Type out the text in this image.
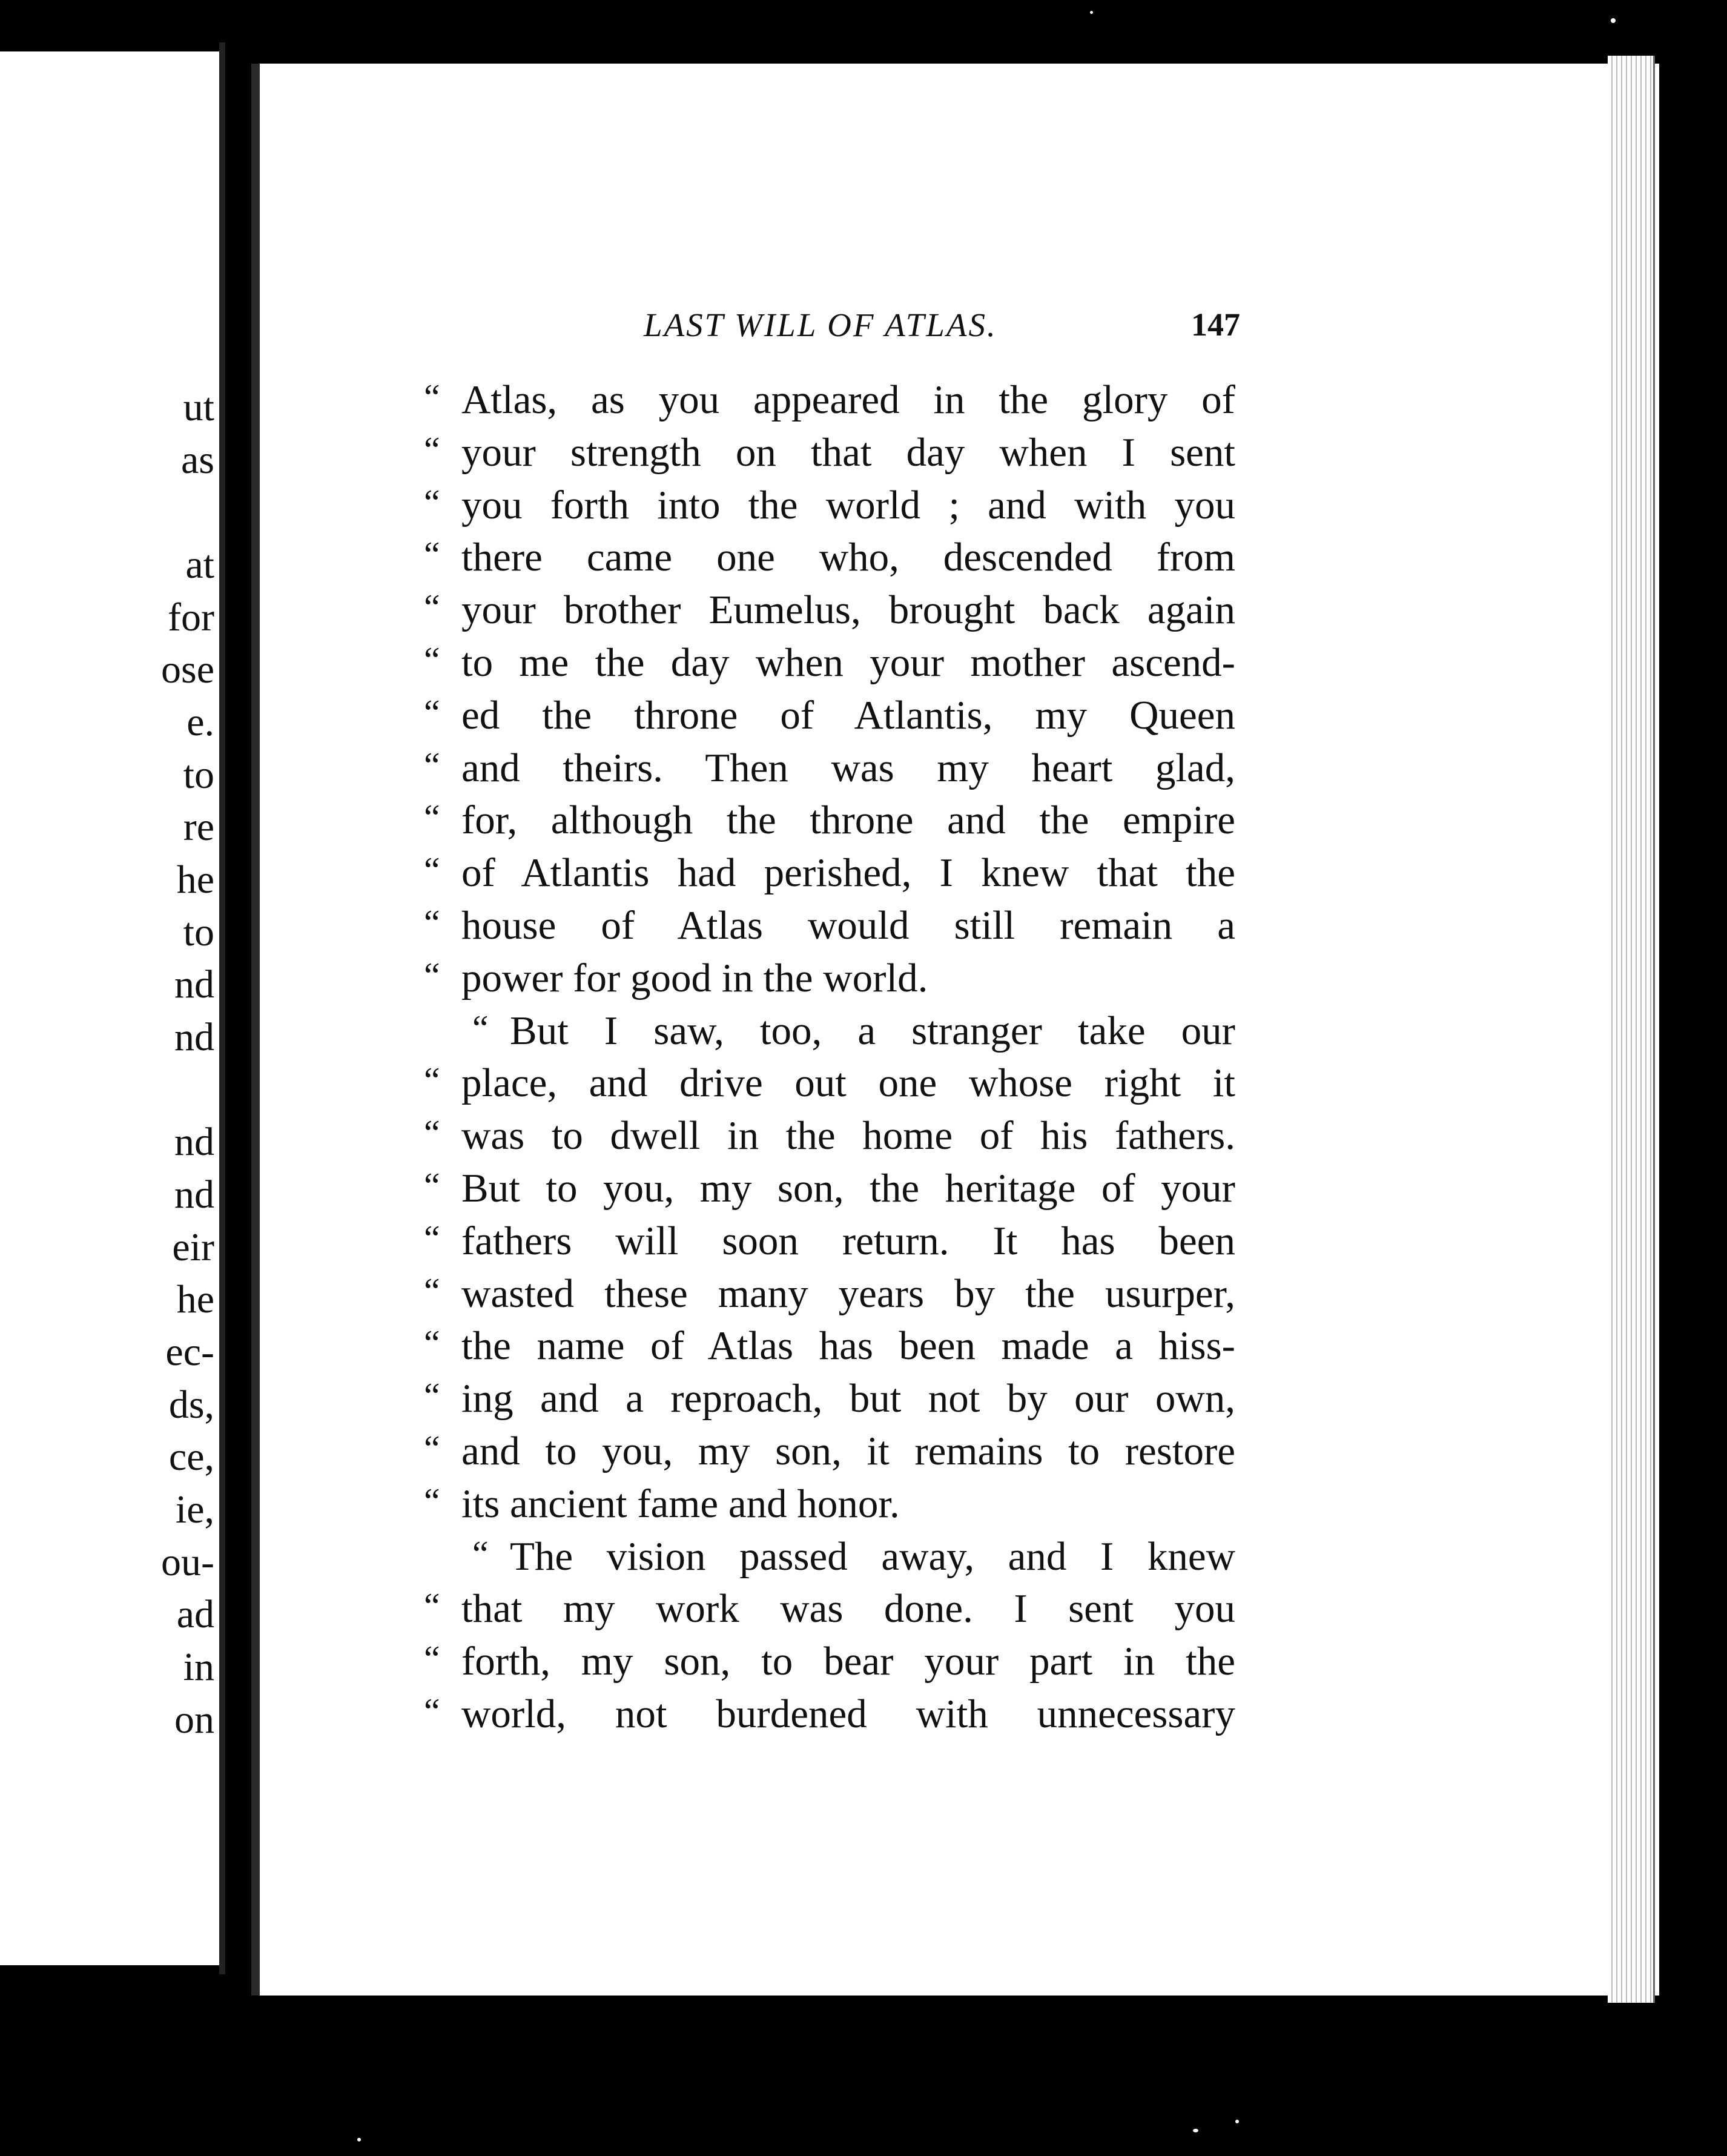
ut
as
at
for
ose
e.
to
re
he
to
nd
nd
nd
nd
eir
he
ec-
ds,
ce,
ie,
ou-
ad
in
on
LAST WILL OF ATLAS.	147
“ Atlas, as you appeared in the glory of
“ your strength on that day when I sent
“ you forth into the world ; and with you
“ there came one who, descended from
“ your brother Eumelus, brought back again
“ to me the day when your mother ascend-
“ ed the throne of Atlantis, my Queen
“ and theirs. Then was my heart glad,
“ for, although the throne and the empire
“ of Atlantis had perished, I knew that the
“ house of Atlas would still remain a
“ power for good in the world.
“ But I saw, too, a stranger take our
“ place, and drive out one whose right it
“ was to dwell in the home of his fathers.
“ But to you, my son, the heritage of your
“ fathers will soon return. It has been
“ wasted these many years by the usurper,
“ the name of Atlas has been made a hiss-
“ ing and a reproach, but not by our own,
“ and to you, my son, it remains to restore
“ its ancient fame and honor.
“ The vision passed away, and I knew
“ that my work was done. I sent you
“ forth, my son, to bear your part in the
“ world, not burdened with unnecessary
